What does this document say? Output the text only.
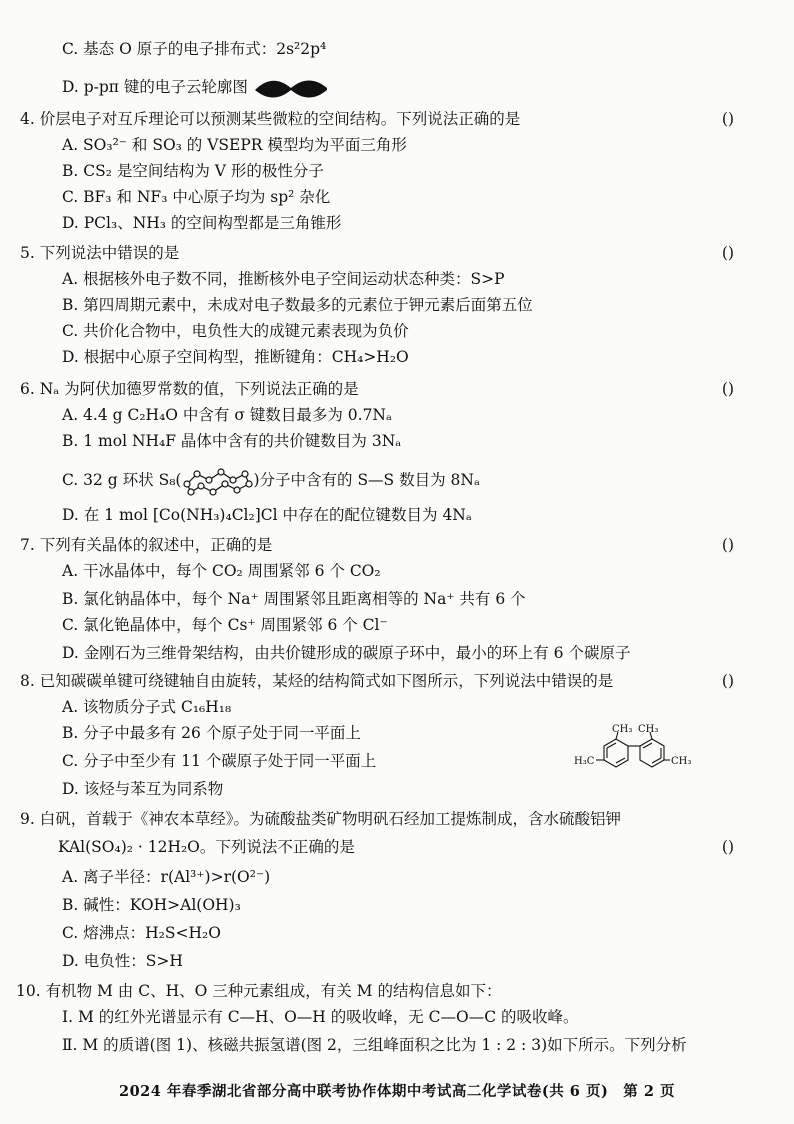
C. 基态 O 原子的电子排布式：2s²2p⁴
D. p-pπ 键的电子云轮廓图
4. 价层电子对互斥理论可以预测某些微粒的空间结构。下列说法正确的是	()
A. SO₃²⁻ 和 SO₃ 的 VSEPR 模型均为平面三角形
B. CS₂ 是空间结构为 V 形的极性分子
C. BF₃ 和 NF₃ 中心原子均为 sp² 杂化
D. PCl₃、NH₃ 的空间构型都是三角锥形
5. 下列说法中错误的是	()
A. 根据核外电子数不同，推断核外电子空间运动状态种类：S>P
B. 第四周期元素中，未成对电子数最多的元素位于钾元素后面第五位
C. 共价化合物中，电负性大的成键元素表现为负价
D. 根据中心原子空间构型，推断键角：CH₄>H₂O
6. Nₐ 为阿伏加德罗常数的值，下列说法正确的是	()
A. 4.4 g C₂H₄O 中含有 σ 键数目最多为 0.7Nₐ
B. 1 mol NH₄F 晶体中含有的共价键数目为 3Nₐ
C. 32 g 环状 S₈(	)分子中含有的 S—S 数目为 8Nₐ
D. 在 1 mol [Co(NH₃)₄Cl₂]Cl 中存在的配位键数目为 4Nₐ
7. 下列有关晶体的叙述中，正确的是	()
A. 干冰晶体中，每个 CO₂ 周围紧邻 6 个 CO₂
B. 氯化钠晶体中，每个 Na⁺ 周围紧邻且距离相等的 Na⁺ 共有 6 个
C. 氯化铯晶体中，每个 Cs⁺ 周围紧邻 6 个 Cl⁻
D. 金刚石为三维骨架结构，由共价键形成的碳原子环中，最小的环上有 6 个碳原子
8. 已知碳碳单键可绕键轴自由旋转，某烃的结构简式如下图所示，下列说法中错误的是	()
A. 该物质分子式 C₁₆H₁₈
B. 分子中最多有 26 个原子处于同一平面上
C. 分子中至少有 11 个碳原子处于同一平面上
D. 该烃与苯互为同系物
CH₃ CH₃
H₃C	CH₃
9. 白矾，首载于《神农本草经》。为硫酸盐类矿物明矾石经加工提炼制成，含水硫酸铝钾
KAl(SO₄)₂ · 12H₂O。下列说法不正确的是	()
A. 离子半径：r(Al³⁺)>r(O²⁻)
B. 碱性：KOH>Al(OH)₃
C. 熔沸点：H₂S<H₂O
D. 电负性：S>H
10. 有机物 M 由 C、H、O 三种元素组成，有关 M 的结构信息如下：
Ⅰ. M 的红外光谱显示有 C—H、O—H 的吸收峰，无 C—O—C 的吸收峰。
Ⅱ. M 的质谱(图 1)、核磁共振氢谱(图 2，三组峰面积之比为 1 : 2 : 3)如下所示。下列分析
2024 年春季湖北省部分高中联考协作体期中考试高二化学试卷(共 6 页)　第 2 页
